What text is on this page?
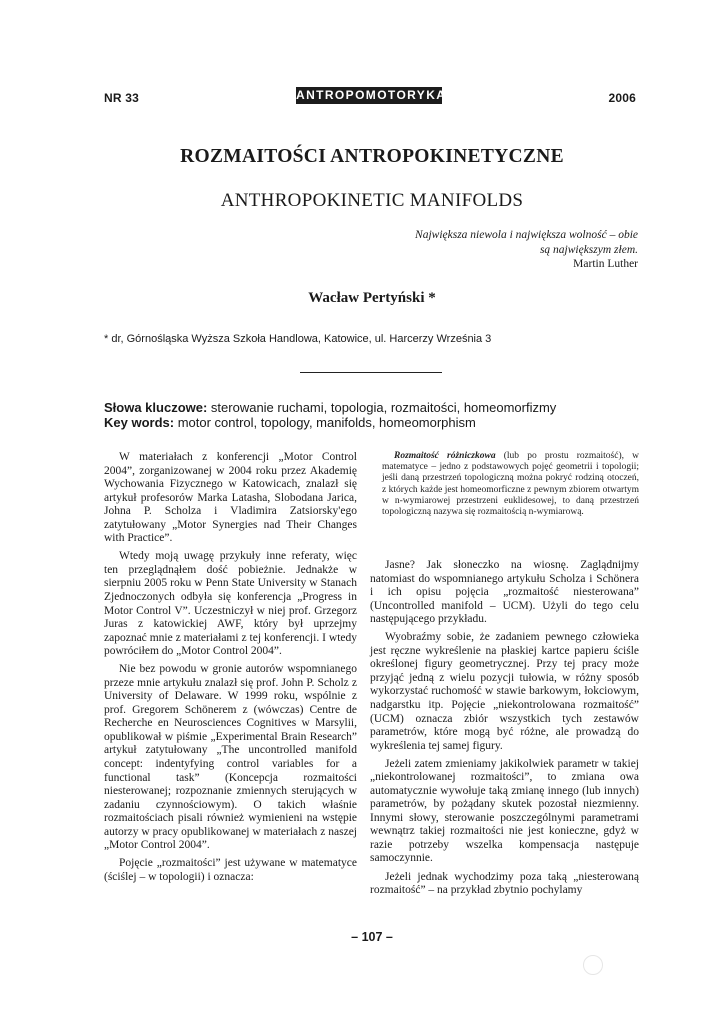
NR 33	ANTROPOMOTORYKA	2006
ROZMAITOŚCI ANTROPOKINETYCZNE
ANTHROPOKINETIC MANIFOLDS
Największa niewola i największa wolność – obie
są największym złem.
Martin Luther
Wacław Pertyński *
* dr, Górnośląska Wyższa Szkoła Handlowa, Katowice, ul. Harcerzy Września 3
Słowa kluczowe: sterowanie ruchami, topologia, rozmaitości, homeomorfizmy
Key words: motor control, topology, manifolds, homeomorphism

W materiałach z konferencji „Motor Control 2004”, zorganizowanej w 2004 roku przez Akademię Wychowania Fizycznego w Katowicach, znalazł się artykuł profesorów Marka Latasha, Slobodana Jarica, Johna P. Scholza i Vladimira Zatsiorsky'ego zatytułowany „Motor Synergies nad Their Changes with Practice”.

Wtedy moją uwagę przykuły inne referaty, więc ten przeglądnąłem dość pobieżnie. Jednakże w sierpniu 2005 roku w Penn State University w Stanach Zjednoczonych odbyła się konferencja „Progress in Motor Control V”. Uczestniczył w niej prof. Grzegorz Juras z katowickiej AWF, który był uprzejmy zapoznać mnie z materiałami z tej konferencji. I wtedy powróciłem do „Motor Control 2004”.

Nie bez powodu w gronie autorów wspomnianego przeze mnie artykułu znalazł się prof. John P. Scholz z University of Delaware. W 1999 roku, wspólnie z prof. Gregorem Schönerem z (wówczas) Centre de Recherche en Neurosciences Cognitives w Marsylii, opublikował w piśmie „Experimental Brain Research” artykuł zatytułowany „The uncontrolled manifold concept: indentyfying control variables for a functional task” (Koncepcja rozmaitości niesterowanej; rozpoznanie zmiennych sterujących w zadaniu czynnościowym). O takich właśnie rozmaitościach pisali również wymienieni na wstępie autorzy w pracy opublikowanej w materiałach z naszej „Motor Control 2004”.

Pojęcie „rozmaitości” jest używane w matematyce (ściślej – w topologii) i oznacza:

Rozmaitość różniczkowa (lub po prostu rozmaitość), w matematyce – jedno z podstawowych pojęć geometrii i topologii; jeśli daną przestrzeń topologiczną można pokryć rodziną otoczeń, z których każde jest homeomorficzne z pewnym zbiorem otwartym w n-wymiarowej przestrzeni euklidesowej, to daną przestrzeń topologiczną nazywa się rozmaitością n-wymiarową.

Jasne? Jak słoneczko na wiosnę. Zaglądnijmy natomiast do wspomnianego artykułu Scholza i Schönera i ich opisu pojęcia „rozmaitość niesterowana” (Uncontrolled manifold – UCM). Użyli do tego celu następującego przykładu.

Wyobraźmy sobie, że zadaniem pewnego człowieka jest ręczne wykreślenie na płaskiej kartce papieru ściśle określonej figury geometrycznej. Przy tej pracy może przyjąć jedną z wielu pozycji tułowia, w różny sposób wykorzystać ruchomość w stawie barkowym, łokciowym, nadgarstku itp. Pojęcie „niekontrolowana rozmaitość” (UCM) oznacza zbiór wszystkich tych zestawów parametrów, które mogą być różne, ale prowadzą do wykreślenia tej samej figury.

Jeżeli zatem zmieniamy jakikolwiek parametr w takiej „niekontrolowanej rozmaitości”, to zmiana owa automatycznie wywołuje taką zmianę innego (lub innych) parametrów, by pożądany skutek pozostał niezmienny. Innymi słowy, sterowanie poszczególnymi parametrami wewnątrz takiej rozmaitości nie jest konieczne, gdyż w razie potrzeby wszelka kompensacja następuje samoczynnie.

Jeżeli jednak wychodzimy poza taką „niesterowaną rozmaitość” – na przykład zbytnio pochylamy

– 107 –
